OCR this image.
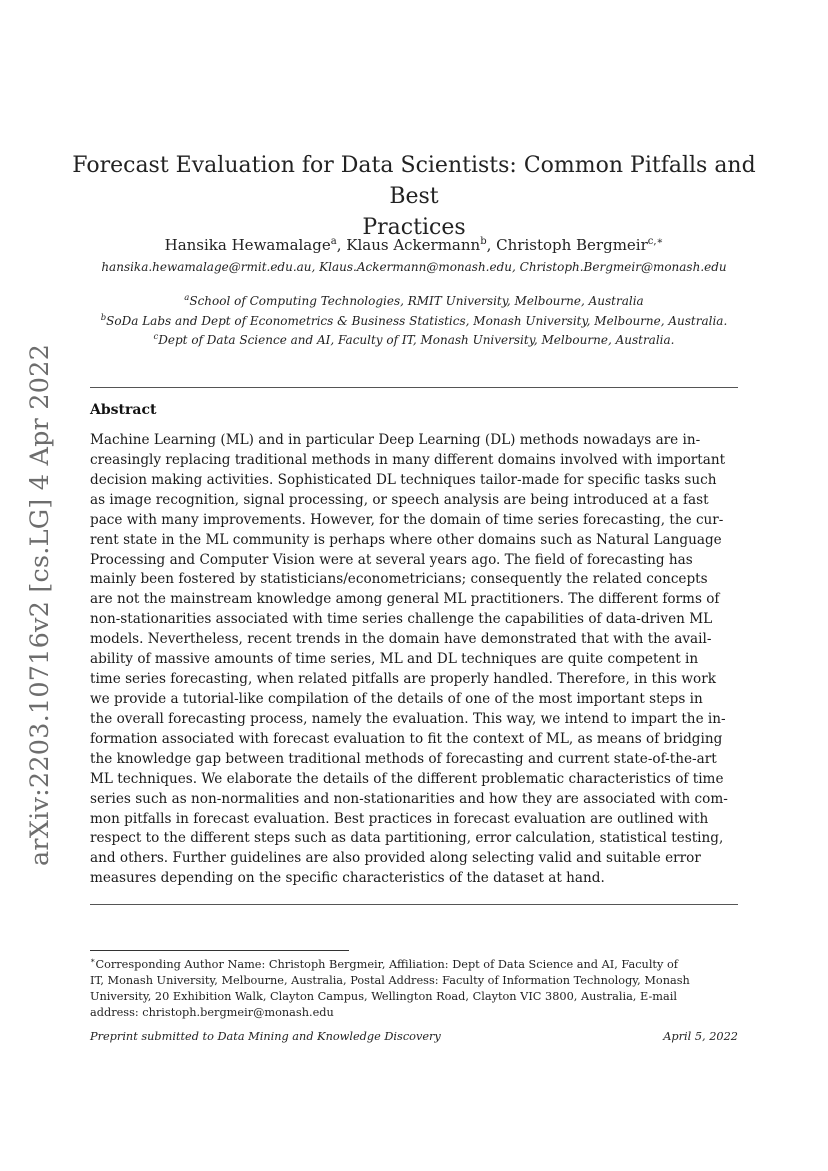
arXiv:2203.10716v2 [cs.LG] 4 Apr 2022
Forecast Evaluation for Data Scientists: Common Pitfalls and Best
Practices
Hansika Hewamalage$^a$, Klaus Ackermann$^b$, Christoph Bergmeir$^{c,∗}$
hansika.hewamalage@rmit.edu.au, Klaus.Ackermann@monash.edu, Christoph.Bergmeir@monash.edu
$^a$School of Computing Technologies, RMIT University, Melbourne, Australia
$^b$SoDa Labs and Dept of Econometrics & Business Statistics, Monash University, Melbourne, Australia.
$^c$Dept of Data Science and AI, Faculty of IT, Monash University, Melbourne, Australia.
Abstract
Machine Learning (ML) and in particular Deep Learning (DL) methods nowadays are in-
creasingly replacing traditional methods in many different domains involved with important
decision making activities. Sophisticated DL techniques tailor-made for specific tasks such
as image recognition, signal processing, or speech analysis are being introduced at a fast
pace with many improvements. However, for the domain of time series forecasting, the cur-
rent state in the ML community is perhaps where other domains such as Natural Language
Processing and Computer Vision were at several years ago. The field of forecasting has
mainly been fostered by statisticians/econometricians; consequently the related concepts
are not the mainstream knowledge among general ML practitioners. The different forms of
non-stationarities associated with time series challenge the capabilities of data-driven ML
models. Nevertheless, recent trends in the domain have demonstrated that with the avail-
ability of massive amounts of time series, ML and DL techniques are quite competent in
time series forecasting, when related pitfalls are properly handled. Therefore, in this work
we provide a tutorial-like compilation of the details of one of the most important steps in
the overall forecasting process, namely the evaluation. This way, we intend to impart the in-
formation associated with forecast evaluation to fit the context of ML, as means of bridging
the knowledge gap between traditional methods of forecasting and current state-of-the-art
ML techniques. We elaborate the details of the different problematic characteristics of time
series such as non-normalities and non-stationarities and how they are associated with com-
mon pitfalls in forecast evaluation. Best practices in forecast evaluation are outlined with
respect to the different steps such as data partitioning, error calculation, statistical testing,
and others. Further guidelines are also provided along selecting valid and suitable error
measures depending on the specific characteristics of the dataset at hand.
∗Corresponding Author Name: Christoph Bergmeir, Affiliation: Dept of Data Science and AI, Faculty of
IT, Monash University, Melbourne, Australia, Postal Address: Faculty of Information Technology, Monash
University, 20 Exhibition Walk, Clayton Campus, Wellington Road, Clayton VIC 3800, Australia, E-mail
address: christoph.bergmeir@monash.edu
Preprint submitted to Data Mining and Knowledge Discovery	April 5, 2022
